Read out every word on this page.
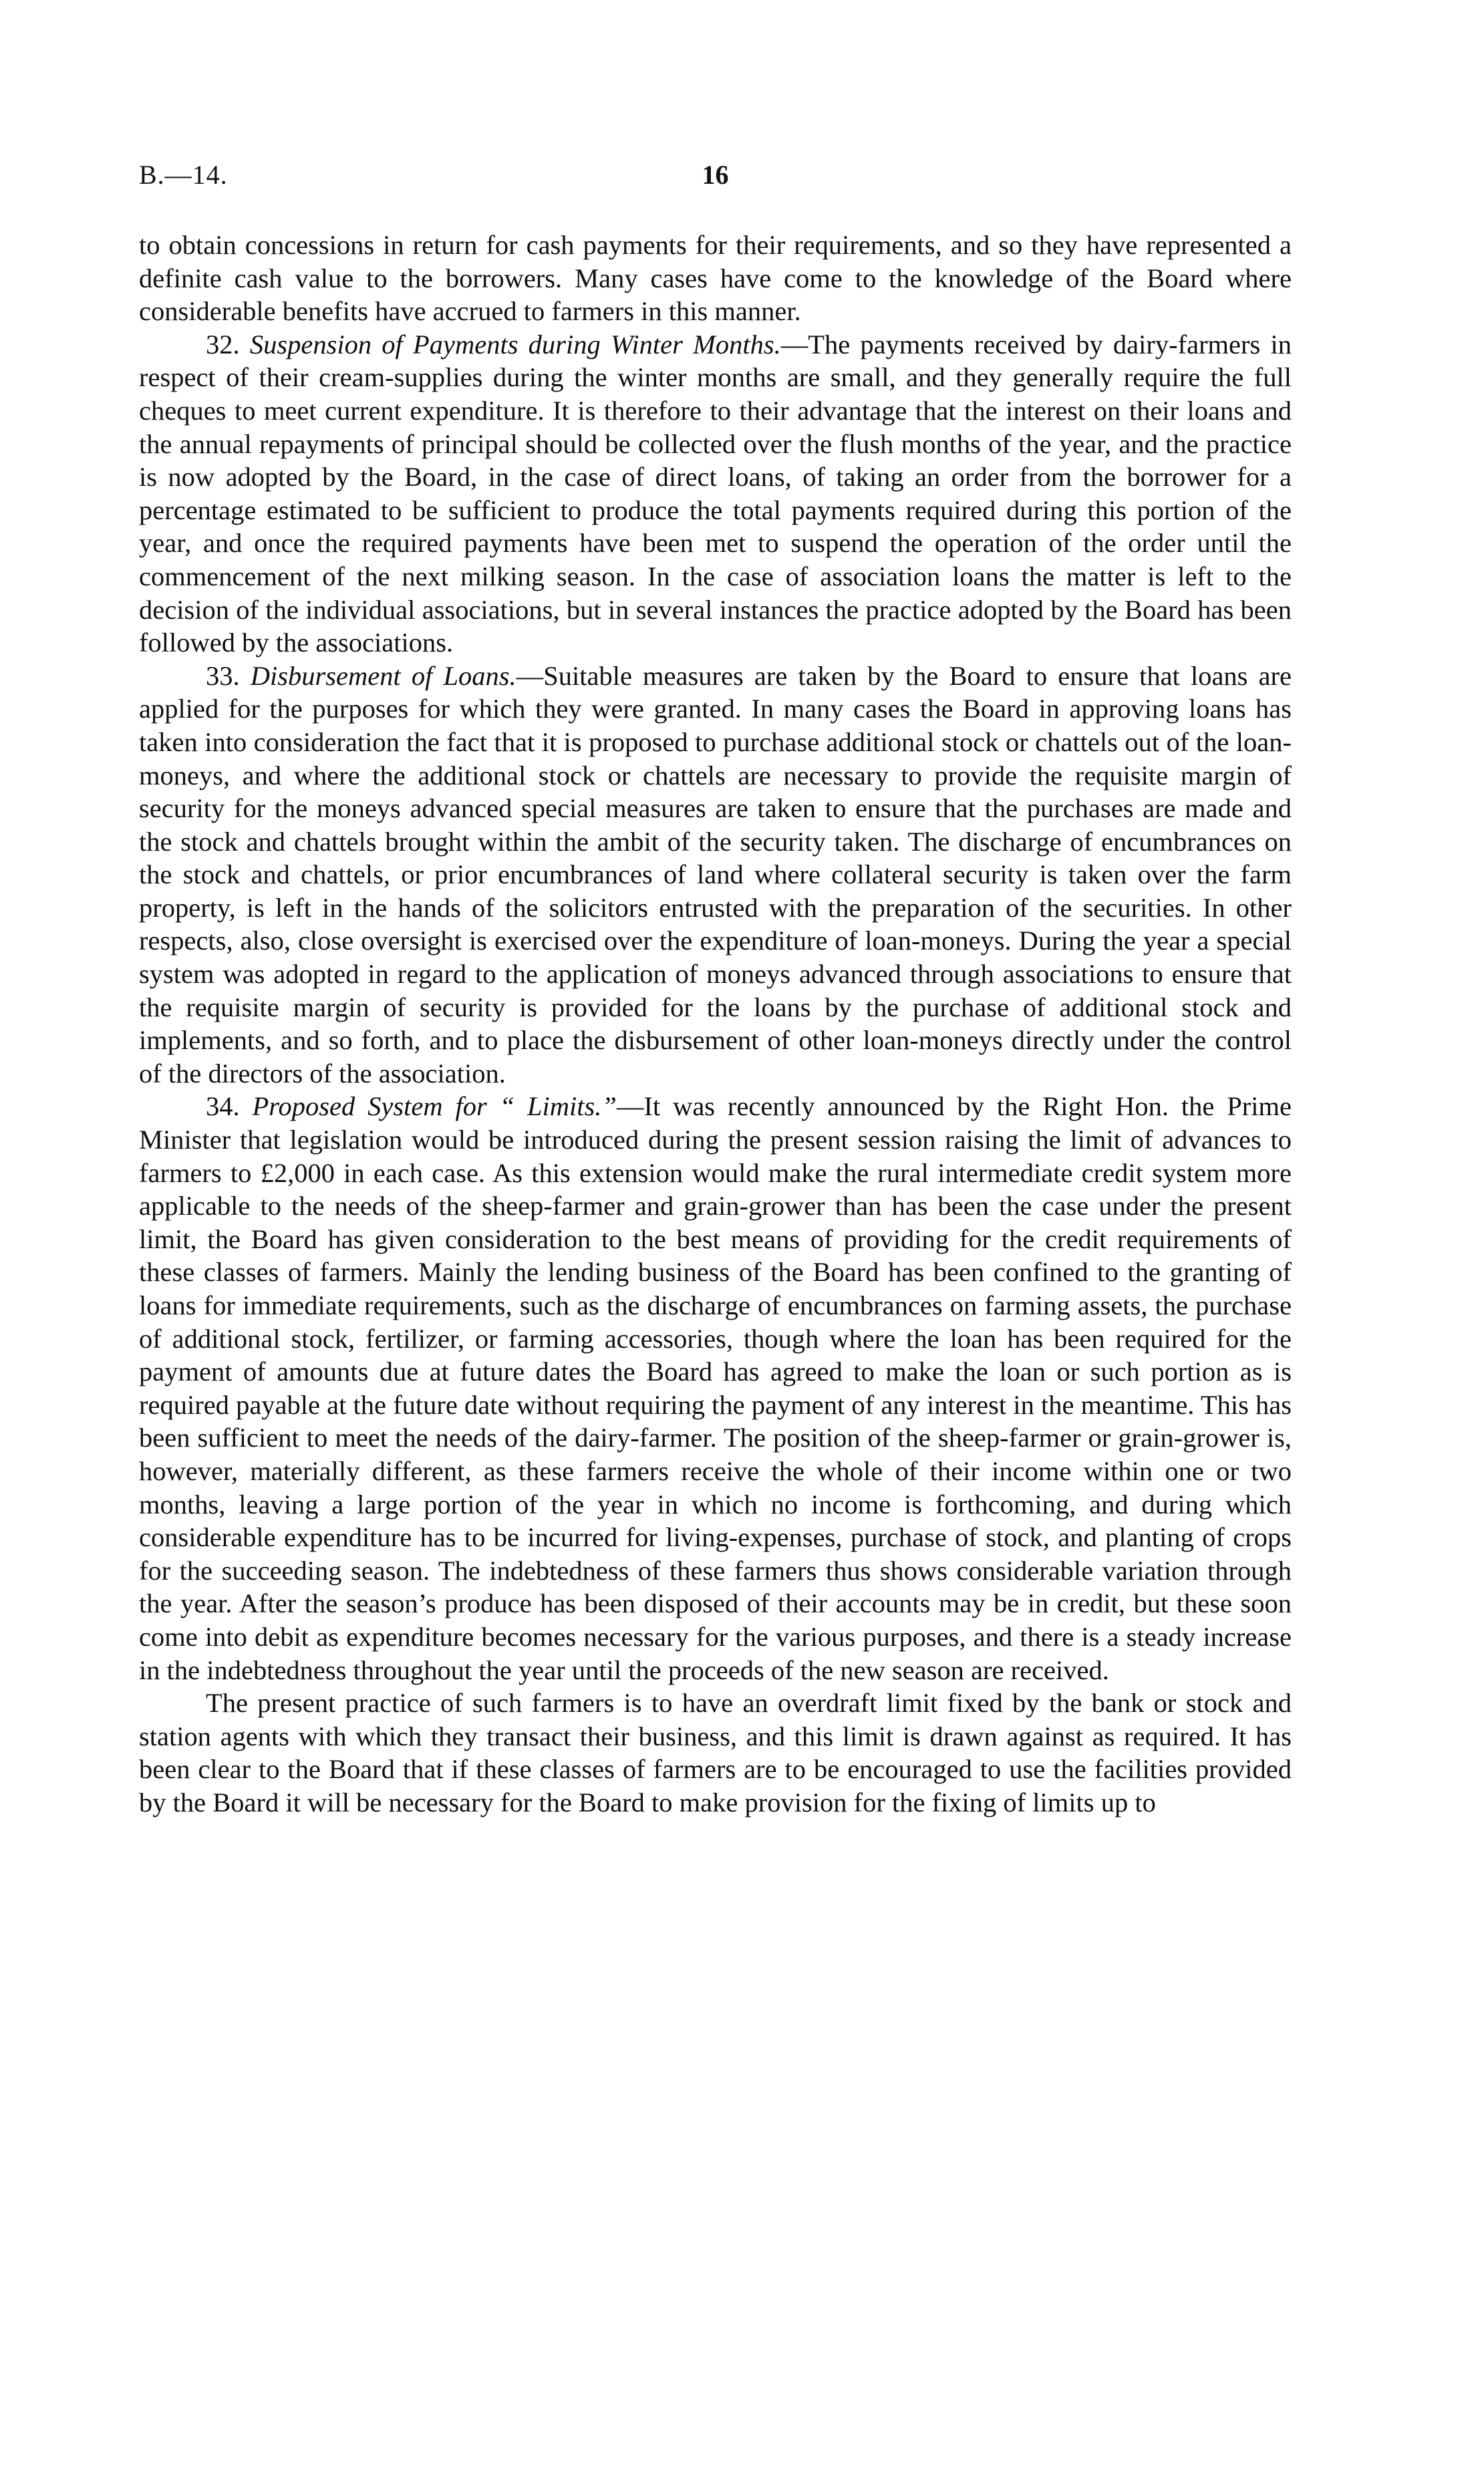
B.—14.	16

to obtain concessions in return for cash payments for their requirements, and so they have represented a definite cash value to the borrowers. Many cases have come to the knowledge of the Board where considerable benefits have accrued to farmers in this manner.

32. Suspension of Payments during Winter Months.—The payments received by dairy-farmers in respect of their cream-supplies during the winter months are small, and they generally require the full cheques to meet current expenditure. It is therefore to their advantage that the interest on their loans and the annual repayments of principal should be collected over the flush months of the year, and the practice is now adopted by the Board, in the case of direct loans, of taking an order from the borrower for a percentage estimated to be sufficient to produce the total payments required during this portion of the year, and once the required payments have been met to suspend the operation of the order until the commencement of the next milking season. In the case of association loans the matter is left to the decision of the individual associations, but in several instances the practice adopted by the Board has been followed by the associations.

33. Disbursement of Loans.—Suitable measures are taken by the Board to ensure that loans are applied for the purposes for which they were granted. In many cases the Board in approving loans has taken into consideration the fact that it is proposed to purchase additional stock or chattels out of the loan-moneys, and where the additional stock or chattels are necessary to provide the requisite margin of security for the moneys advanced special measures are taken to ensure that the purchases are made and the stock and chattels brought within the ambit of the security taken. The discharge of encumbrances on the stock and chattels, or prior encumbrances of land where collateral security is taken over the farm property, is left in the hands of the solicitors entrusted with the preparation of the securities. In other respects, also, close oversight is exercised over the expenditure of loan-moneys. During the year a special system was adopted in regard to the application of moneys advanced through associations to ensure that the requisite margin of security is provided for the loans by the purchase of additional stock and implements, and so forth, and to place the disbursement of other loan-moneys directly under the control of the directors of the association.

34. Proposed System for “ Limits.”—It was recently announced by the Right Hon. the Prime Minister that legislation would be introduced during the present session raising the limit of advances to farmers to £2,000 in each case. As this extension would make the rural intermediate credit system more applicable to the needs of the sheep-farmer and grain-grower than has been the case under the present limit, the Board has given consideration to the best means of providing for the credit requirements of these classes of farmers. Mainly the lending business of the Board has been confined to the granting of loans for immediate requirements, such as the discharge of encumbrances on farming assets, the purchase of additional stock, fertilizer, or farming accessories, though where the loan has been required for the payment of amounts due at future dates the Board has agreed to make the loan or such portion as is required payable at the future date without requiring the payment of any interest in the meantime. This has been sufficient to meet the needs of the dairy-farmer. The position of the sheep-farmer or grain-grower is, however, materially different, as these farmers receive the whole of their income within one or two months, leaving a large portion of the year in which no income is forthcoming, and during which considerable expenditure has to be incurred for living-expenses, purchase of stock, and planting of crops for the succeeding season. The indebtedness of these farmers thus shows considerable variation through the year. After the season’s produce has been disposed of their accounts may be in credit, but these soon come into debit as expenditure becomes necessary for the various purposes, and there is a steady increase in the indebtedness throughout the year until the proceeds of the new season are received.

The present practice of such farmers is to have an overdraft limit fixed by the bank or stock and station agents with which they transact their business, and this limit is drawn against as required. It has been clear to the Board that if these classes of farmers are to be encouraged to use the facilities provided by the Board it will be necessary for the Board to make provision for the fixing of limits up to
